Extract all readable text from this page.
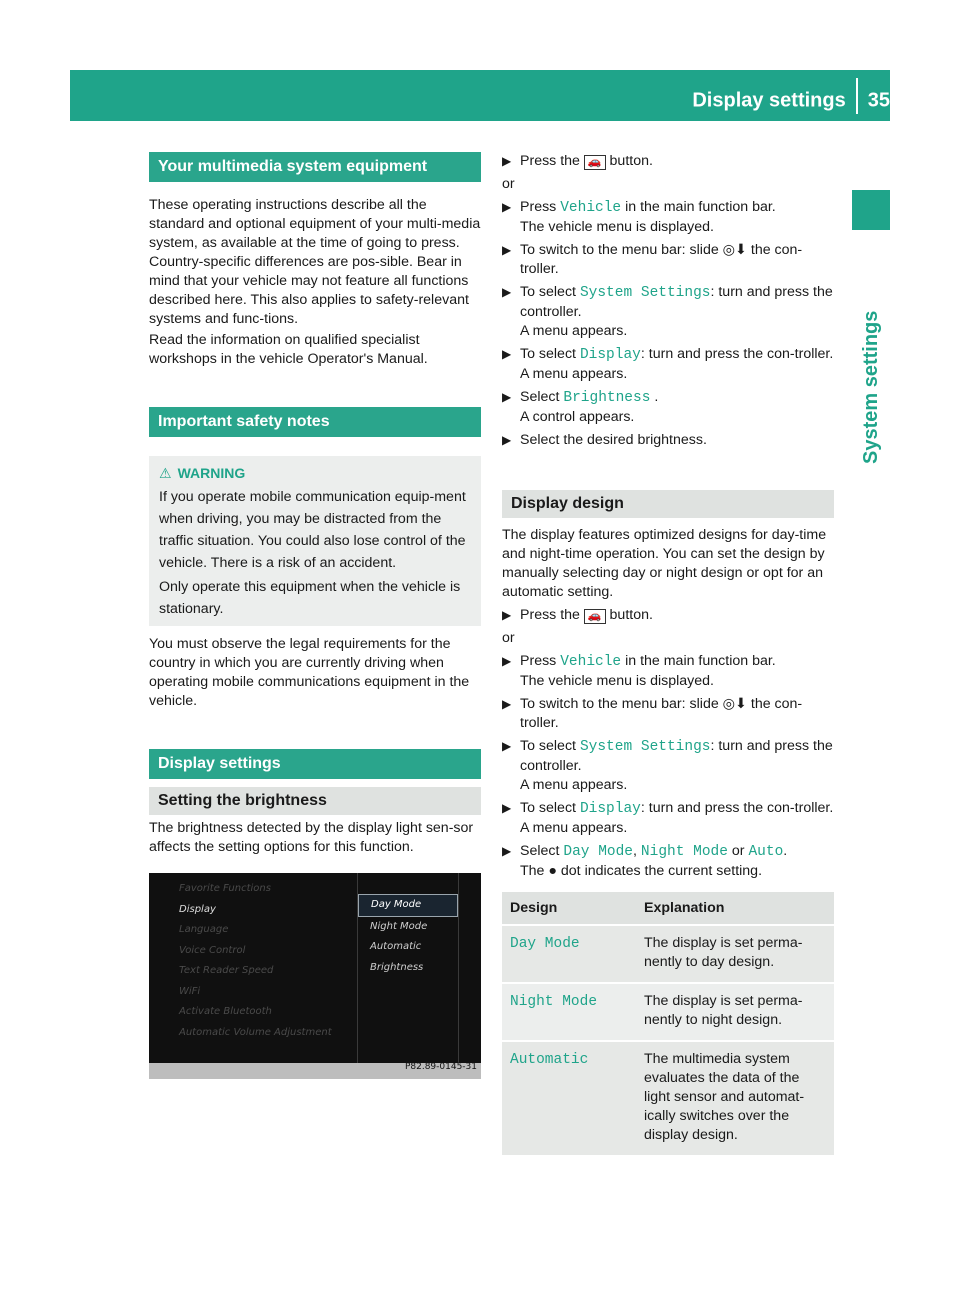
Display settings 35
System settings
Your multimedia system equipment

These operating instructions describe all the standard and optional equipment of your multi-media system, as available at the time of going to press. Country-specific differences are pos-sible. Bear in mind that your vehicle may not feature all functions described here. This also applies to safety-relevant systems and func-tions.

Read the information on qualified specialist workshops in the vehicle Operator's Manual.

Important safety notes
⚠ WARNING

If you operate mobile communication equip-ment when driving, you may be distracted from the traffic situation. You could also lose control of the vehicle. There is a risk of an accident.

Only operate this equipment when the vehicle is stationary.

You must observe the legal requirements for the country in which you are currently driving when operating mobile communications equipment in the vehicle.

Display settings
Setting the brightness

The brightness detected by the display light sen-sor affects the setting options for this function.

Favorite Functions
Display
Language
Voice Control
Text Reader Speed
WiFi
Activate Bluetooth
Automatic Volume Adjustment
Day Mode
Night Mode
Automatic
Brightness
P82.89-0145-31
▶ Press the 🚗 button.

or

▶ Press Vehicle in the main function bar.
The vehicle menu is displayed.
▶ To switch to the menu bar: slide ◎⬇ the con-troller.
▶ To select System Settings: turn and press the controller.
A menu appears.
▶ To select Display: turn and press the con-troller.
A menu appears.
▶ Select Brightness .
A control appears.
▶ Select the desired brightness.
Display design

The display features optimized designs for day-time and night-time operation. You can set the design by manually selecting day or night design or opt for an automatic setting.

▶ Press the 🚗 button.

or

▶ Press Vehicle in the main function bar.
The vehicle menu is displayed.
▶ To switch to the menu bar: slide ◎⬇ the con-troller.
▶ To select System Settings: turn and press the controller.
A menu appears.
▶ To select Display: turn and press the con-troller.
A menu appears.
▶ Select Day Mode, Night Mode or Auto.
The ● dot indicates the current setting.
Design	Explanation
Day Mode	The display is set perma-nently to day design.
Night Mode	The display is set perma-nently to night design.
Automatic	The multimedia system evaluates the data of the light sensor and automat-ically switches over the display design.
